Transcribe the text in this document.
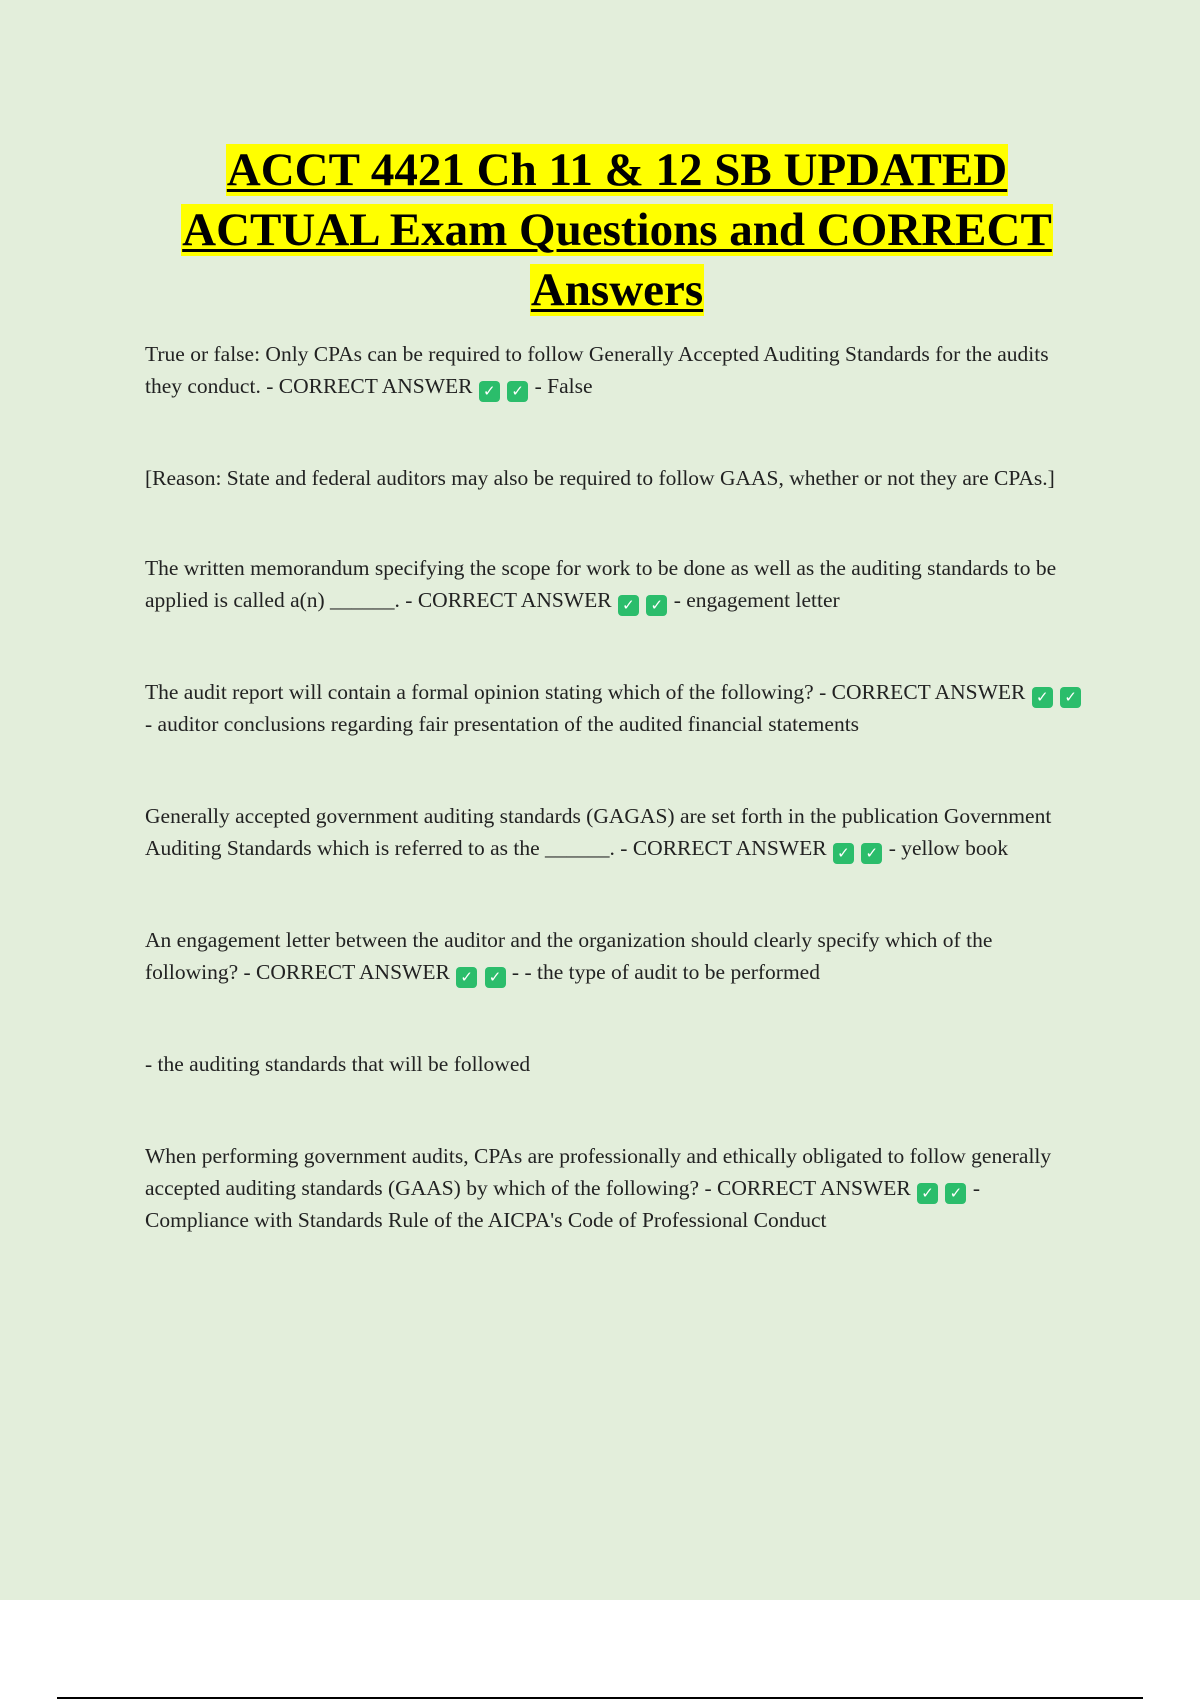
ACCT 4421 Ch 11 & 12 SB UPDATED ACTUAL Exam Questions and CORRECT Answers

True or false: Only CPAs can be required to follow Generally Accepted Auditing Standards for the audits they conduct. - CORRECT ANSWER ✓ ✓ - False

[Reason: State and federal auditors may also be required to follow GAAS, whether or not they are CPAs.]

The written memorandum specifying the scope for work to be done as well as the auditing standards to be applied is called a(n) ______. - CORRECT ANSWER ✓ ✓ - engagement letter

The audit report will contain a formal opinion stating which of the following? - CORRECT ANSWER ✓ ✓ - auditor conclusions regarding fair presentation of the audited financial statements

Generally accepted government auditing standards (GAGAS) are set forth in the publication Government Auditing Standards which is referred to as the ______. - CORRECT ANSWER ✓ ✓ - yellow book

An engagement letter between the auditor and the organization should clearly specify which of the following? - CORRECT ANSWER ✓ ✓ - - the type of audit to be performed

- the auditing standards that will be followed

When performing government audits, CPAs are professionally and ethically obligated to follow generally accepted auditing standards (GAAS) by which of the following? - CORRECT ANSWER ✓ ✓ - Compliance with Standards Rule of the AICPA's Code of Professional Conduct
